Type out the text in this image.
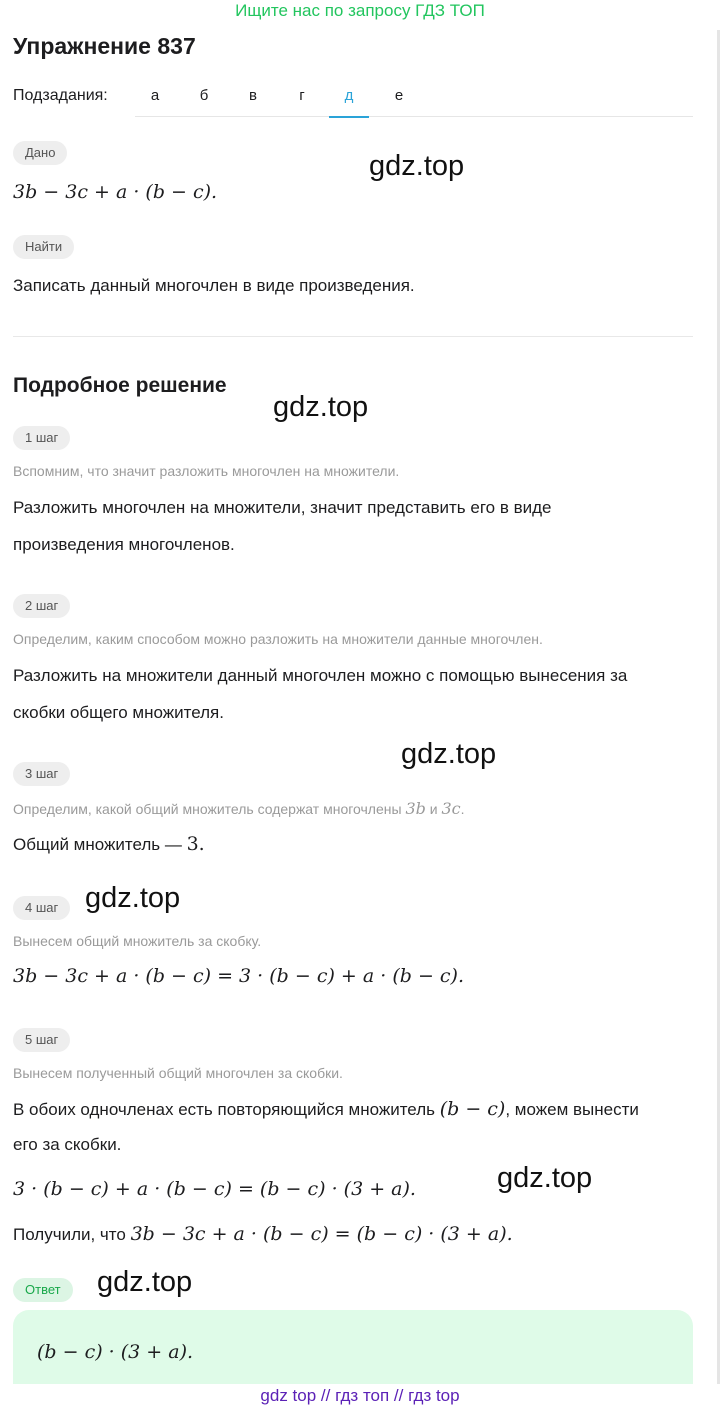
Ищите нас по запросу ГДЗ ТОП
Упражнение 837
Подзадания:	а	б	в	г	д	е
Дано
3b − 3c + a · (b − c).
gdz.top
Найти
Записать данный многочлен в виде произведения.
Подробное решение
gdz.top
1 шаг
Вспомним, что значит разложить многочлен на множители.
Разложить многочлен на множители, значит представить его в виде
произведения многочленов.
2 шаг
Определим, каким способом можно разложить на множители данные многочлен.
Разложить на множители данный многочлен можно с помощью вынесения за
скобки общего множителя.
gdz.top
3 шаг
Определим, какой общий множитель содержат многочлены 3b и 3c.
Общий множитель — 3.
gdz.top
4 шаг
Вынесем общий множитель за скобку.
3b − 3c + a · (b − c) = 3 · (b − c) + a · (b − c).
5 шаг
Вынесем полученный общий многочлен за скобки.
В обоих одночленах есть повторяющийся множитель (b − c), можем вынести
его за скобки.
3 · (b − c) + a · (b − c) = (b − c) · (3 + a).	gdz.top
Получили, что 3b − 3c + a · (b − c) = (b − c) · (3 + a).
Ответ	gdz.top
(b − c) · (3 + a).
gdz top // гдз топ // гдз top
